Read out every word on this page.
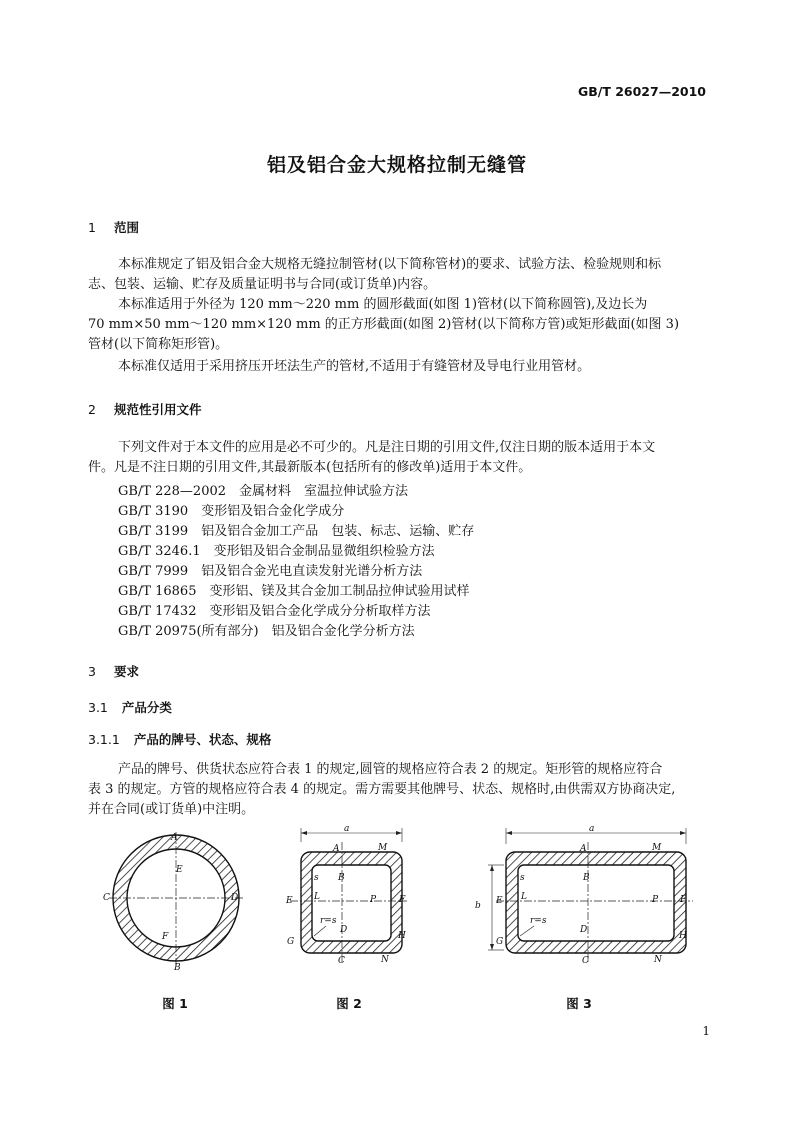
GB/T 26027—2010
铝及铝合金大规格拉制无缝管
1 范围
本标准规定了铝及铝合金大规格无缝拉制管材(以下简称管材)的要求、试验方法、检验规则和标
志、包装、运输、贮存及质量证明书与合同(或订货单)内容。
本标准适用于外径为 120 mm～220 mm 的圆形截面(如图 1)管材(以下简称圆管),及边长为
70 mm×50 mm～120 mm×120 mm 的正方形截面(如图 2)管材(以下简称方管)或矩形截面(如图 3)
管材(以下简称矩形管)。
本标准仅适用于采用挤压开坯法生产的管材,不适用于有缝管材及导电行业用管材。
2 规范性引用文件
下列文件对于本文件的应用是必不可少的。凡是注日期的引用文件,仅注日期的版本适用于本文
件。凡是不注日期的引用文件,其最新版本(包括所有的修改单)适用于本文件。
GB/T 228—2002　金属材料　室温拉伸试验方法
GB/T 3190　变形铝及铝合金化学成分
GB/T 3199　铝及铝合金加工产品　包装、标志、运输、贮存
GB/T 3246.1　变形铝及铝合金制品显微组织检验方法
GB/T 7999　铝及铝合金光电直读发射光谱分析方法
GB/T 16865　变形铝、镁及其合金加工制品拉伸试验用试样
GB/T 17432　变形铝及铝合金化学成分分析取样方法
GB/T 20975(所有部分)　铝及铝合金化学分析方法
3 要求
3.1 产品分类
3.1.1 产品的牌号、状态、规格
产品的牌号、供货状态应符合表 1 的规定,圆管的规格应符合表 2 的规定。矩形管的规格应符合
表 3 的规定。方管的规格应符合表 4 的规定。需方需要其他牌号、状态、规格时,由供需双方协商决定,
并在合同(或订货单)中注明。
A
E
C	D
F
B
图 1
a
A	M
s B
E L	P	F
r=s
D
G
H
C	N
图 2
a
b
A	M
s	B
E L	P F
r=s
D
G
H
C	N
图 3
1
